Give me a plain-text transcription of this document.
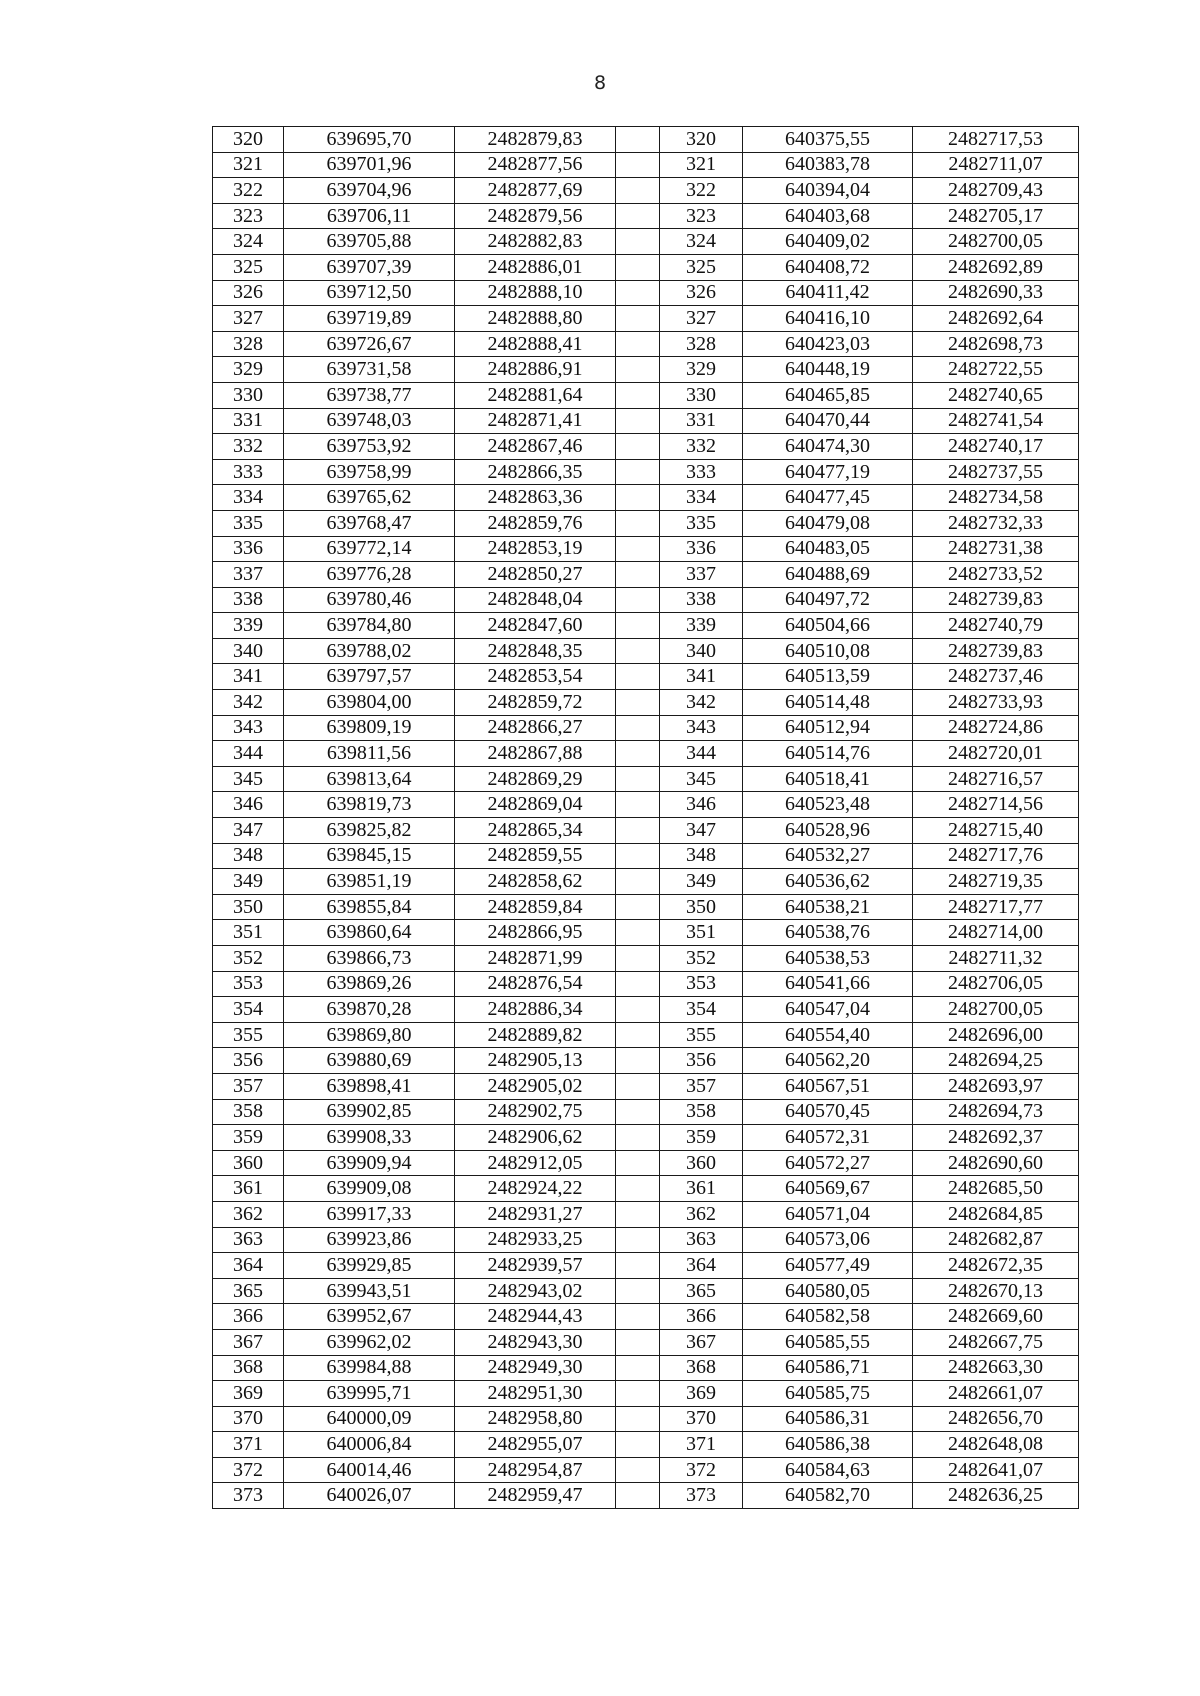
8
320	639695,70	2482879,83		320	640375,55	2482717,53
321	639701,96	2482877,56		321	640383,78	2482711,07
322	639704,96	2482877,69		322	640394,04	2482709,43
323	639706,11	2482879,56		323	640403,68	2482705,17
324	639705,88	2482882,83		324	640409,02	2482700,05
325	639707,39	2482886,01		325	640408,72	2482692,89
326	639712,50	2482888,10		326	640411,42	2482690,33
327	639719,89	2482888,80		327	640416,10	2482692,64
328	639726,67	2482888,41		328	640423,03	2482698,73
329	639731,58	2482886,91		329	640448,19	2482722,55
330	639738,77	2482881,64		330	640465,85	2482740,65
331	639748,03	2482871,41		331	640470,44	2482741,54
332	639753,92	2482867,46		332	640474,30	2482740,17
333	639758,99	2482866,35		333	640477,19	2482737,55
334	639765,62	2482863,36		334	640477,45	2482734,58
335	639768,47	2482859,76		335	640479,08	2482732,33
336	639772,14	2482853,19		336	640483,05	2482731,38
337	639776,28	2482850,27		337	640488,69	2482733,52
338	639780,46	2482848,04		338	640497,72	2482739,83
339	639784,80	2482847,60		339	640504,66	2482740,79
340	639788,02	2482848,35		340	640510,08	2482739,83
341	639797,57	2482853,54		341	640513,59	2482737,46
342	639804,00	2482859,72		342	640514,48	2482733,93
343	639809,19	2482866,27		343	640512,94	2482724,86
344	639811,56	2482867,88		344	640514,76	2482720,01
345	639813,64	2482869,29		345	640518,41	2482716,57
346	639819,73	2482869,04		346	640523,48	2482714,56
347	639825,82	2482865,34		347	640528,96	2482715,40
348	639845,15	2482859,55		348	640532,27	2482717,76
349	639851,19	2482858,62		349	640536,62	2482719,35
350	639855,84	2482859,84		350	640538,21	2482717,77
351	639860,64	2482866,95		351	640538,76	2482714,00
352	639866,73	2482871,99		352	640538,53	2482711,32
353	639869,26	2482876,54		353	640541,66	2482706,05
354	639870,28	2482886,34		354	640547,04	2482700,05
355	639869,80	2482889,82		355	640554,40	2482696,00
356	639880,69	2482905,13		356	640562,20	2482694,25
357	639898,41	2482905,02		357	640567,51	2482693,97
358	639902,85	2482902,75		358	640570,45	2482694,73
359	639908,33	2482906,62		359	640572,31	2482692,37
360	639909,94	2482912,05		360	640572,27	2482690,60
361	639909,08	2482924,22		361	640569,67	2482685,50
362	639917,33	2482931,27		362	640571,04	2482684,85
363	639923,86	2482933,25		363	640573,06	2482682,87
364	639929,85	2482939,57		364	640577,49	2482672,35
365	639943,51	2482943,02		365	640580,05	2482670,13
366	639952,67	2482944,43		366	640582,58	2482669,60
367	639962,02	2482943,30		367	640585,55	2482667,75
368	639984,88	2482949,30		368	640586,71	2482663,30
369	639995,71	2482951,30		369	640585,75	2482661,07
370	640000,09	2482958,80		370	640586,31	2482656,70
371	640006,84	2482955,07		371	640586,38	2482648,08
372	640014,46	2482954,87		372	640584,63	2482641,07
373	640026,07	2482959,47		373	640582,70	2482636,25
